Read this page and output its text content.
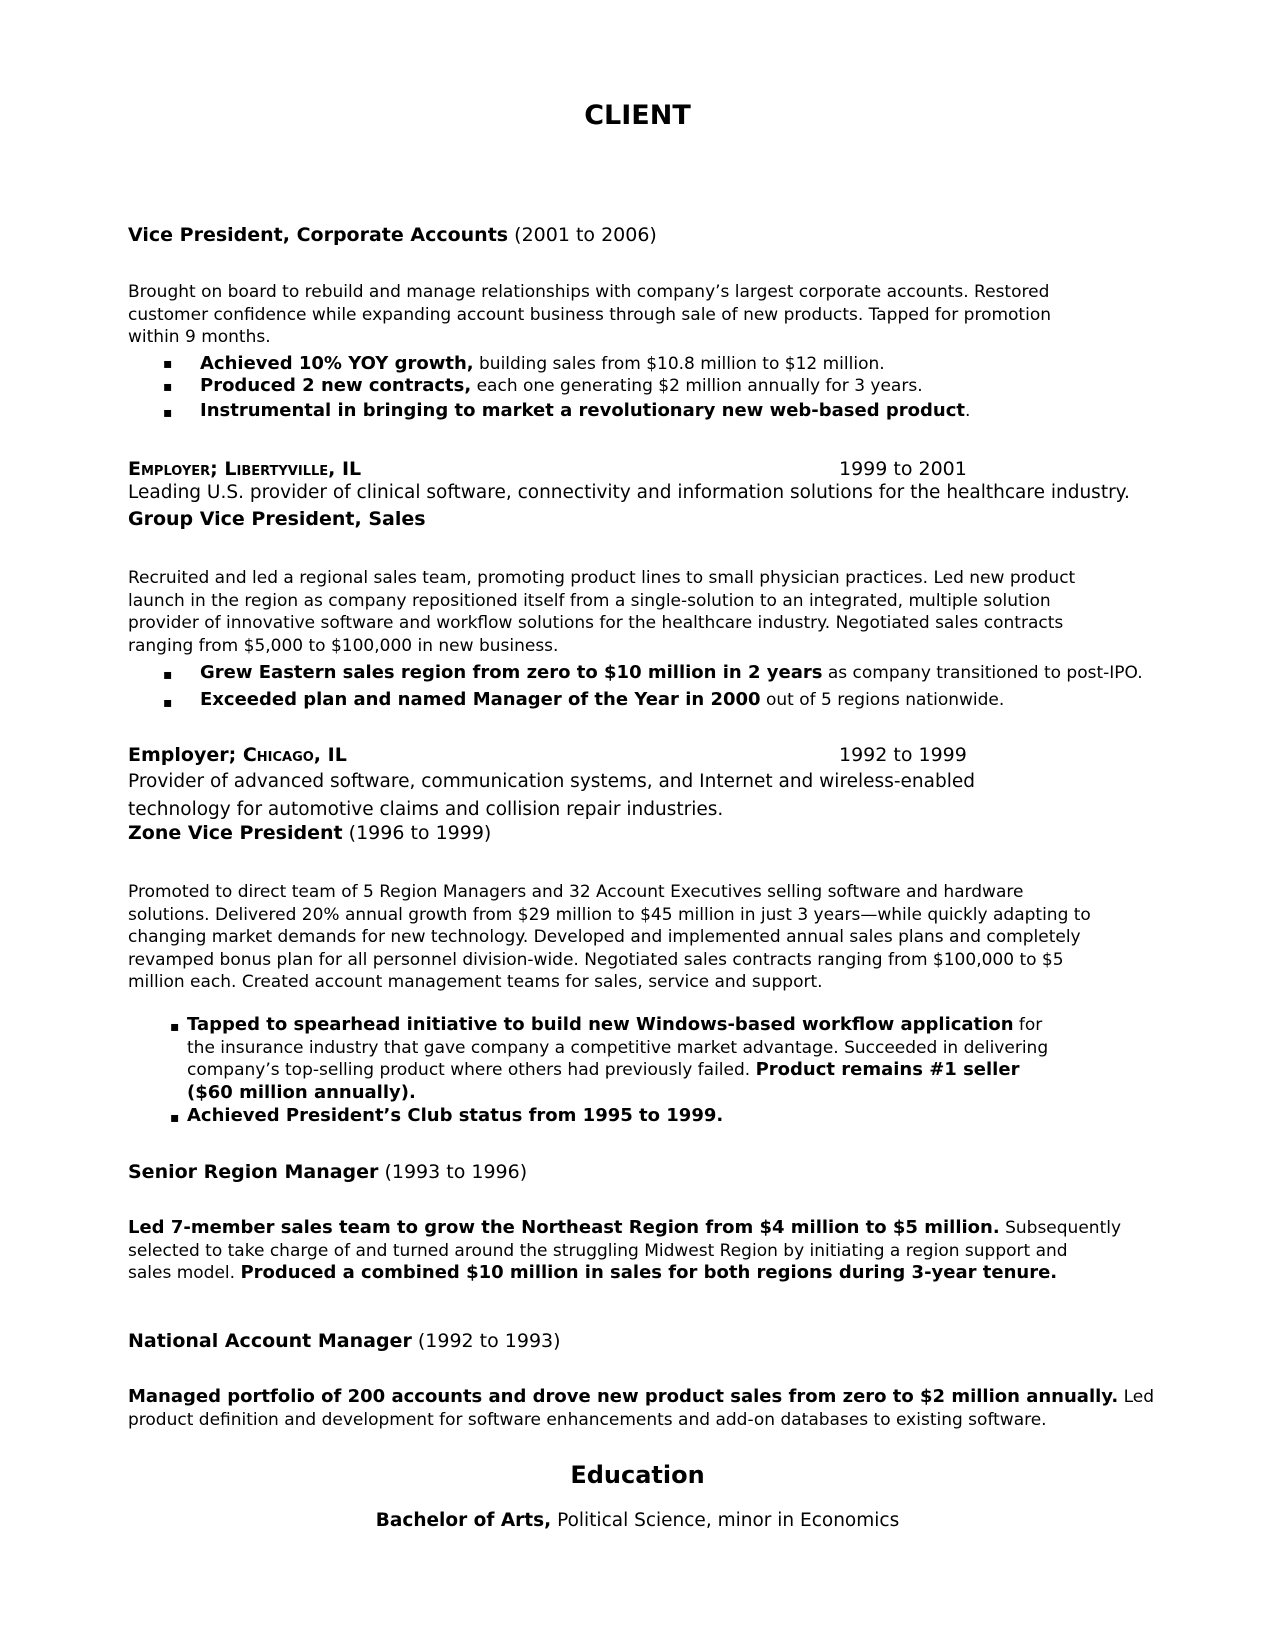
CLIENT
Vice President, Corporate Accounts (2001 to 2006)
Brought on board to rebuild and manage relationships with company’s largest corporate accounts. Restored
customer confidence while expanding account business through sale of new products. Tapped for promotion
within 9 months.
▪ Achieved 10% YOY growth, building sales from $10.8 million to $12 million.
▪ Produced 2 new contracts, each one generating $2 million annually for 3 years.
▪ Instrumental in bringing to market a revolutionary new web-based product.
Employer; Libertyville, IL	1999 to 2001
Leading U.S. provider of clinical software, connectivity and information solutions for the healthcare industry.
Group Vice President, Sales
Recruited and led a regional sales team, promoting product lines to small physician practices. Led new product
launch in the region as company repositioned itself from a single-solution to an integrated, multiple solution
provider of innovative software and workflow solutions for the healthcare industry. Negotiated sales contracts
ranging from $5,000 to $100,000 in new business.
▪ Grew Eastern sales region from zero to $10 million in 2 years as company transitioned to post-IPO.
▪ Exceeded plan and named Manager of the Year in 2000 out of 5 regions nationwide.
Employer; Chicago, IL	1992 to 1999
Provider of advanced software, communication systems, and Internet and wireless-enabled
technology for automotive claims and collision repair industries.
Zone Vice President (1996 to 1999)
Promoted to direct team of 5 Region Managers and 32 Account Executives selling software and hardware
solutions. Delivered 20% annual growth from $29 million to $45 million in just 3 years—while quickly adapting to
changing market demands for new technology. Developed and implemented annual sales plans and completely
revamped bonus plan for all personnel division-wide. Negotiated sales contracts ranging from $100,000 to $5
million each. Created account management teams for sales, service and support.
▪ Tapped to spearhead initiative to build new Windows-based workflow application for
the insurance industry that gave company a competitive market advantage. Succeeded in delivering
company’s top-selling product where others had previously failed. Product remains #1 seller
($60 million annually).
▪ Achieved President’s Club status from 1995 to 1999.
Senior Region Manager (1993 to 1996)
Led 7-member sales team to grow the Northeast Region from $4 million to $5 million. Subsequently
selected to take charge of and turned around the struggling Midwest Region by initiating a region support and
sales model. Produced a combined $10 million in sales for both regions during 3-year tenure.
National Account Manager (1992 to 1993)
Managed portfolio of 200 accounts and drove new product sales from zero to $2 million annually. Led
product definition and development for software enhancements and add-on databases to existing software.
Education
Bachelor of Arts, Political Science, minor in Economics
